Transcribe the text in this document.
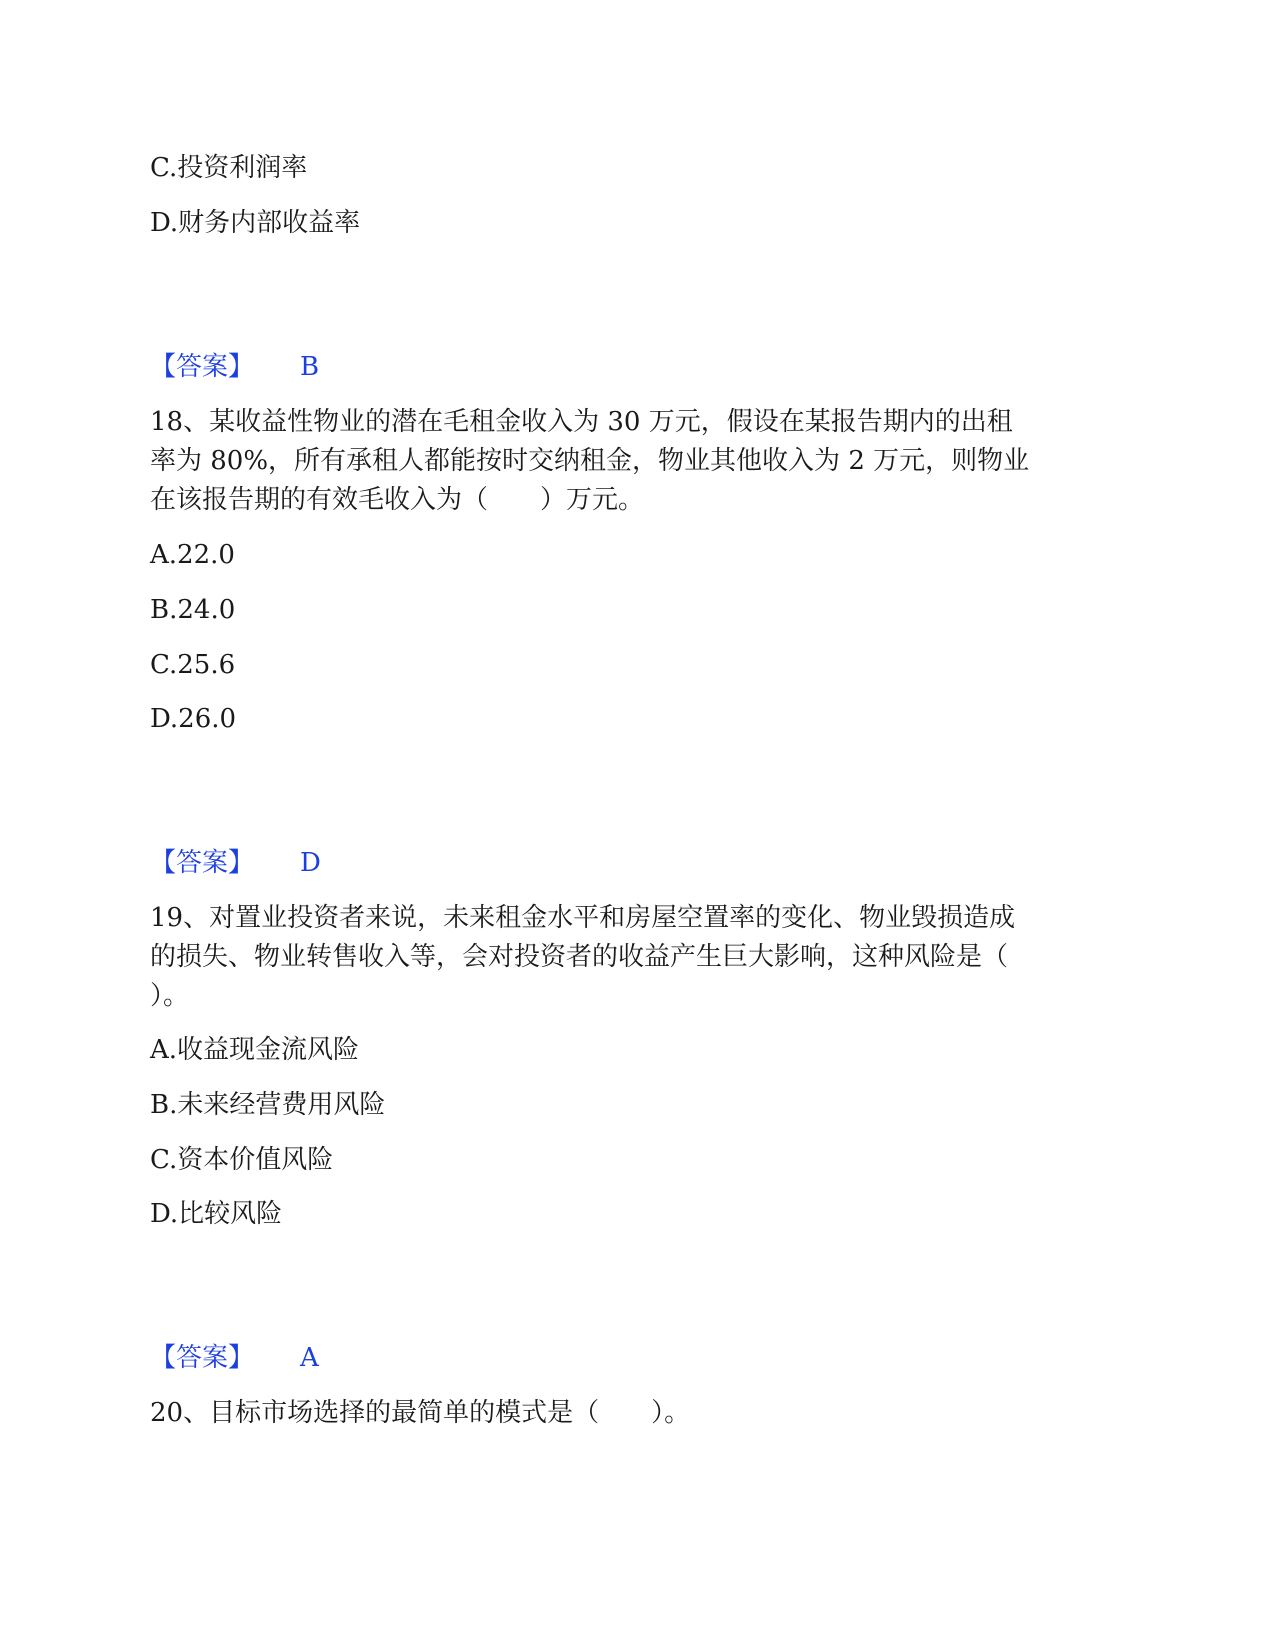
C.投资利润率
D.财务内部收益率
【答案】 B
18、某收益性物业的潜在毛租金收入为 30 万元，假设在某报告期内的出租
率为 80%，所有承租人都能按时交纳租金，物业其他收入为 2 万元，则物业
在该报告期的有效毛收入为（　　）万元。
A.22.0
B.24.0
C.25.6
D.26.0
【答案】 D
19、对置业投资者来说，未来租金水平和房屋空置率的变化、物业毁损造成
的损失、物业转售收入等，会对投资者的收益产生巨大影响，这种风险是（
）。
A.收益现金流风险
B.未来经营费用风险
C.资本价值风险
D.比较风险
【答案】 A
20、目标市场选择的最简单的模式是（　　）。
